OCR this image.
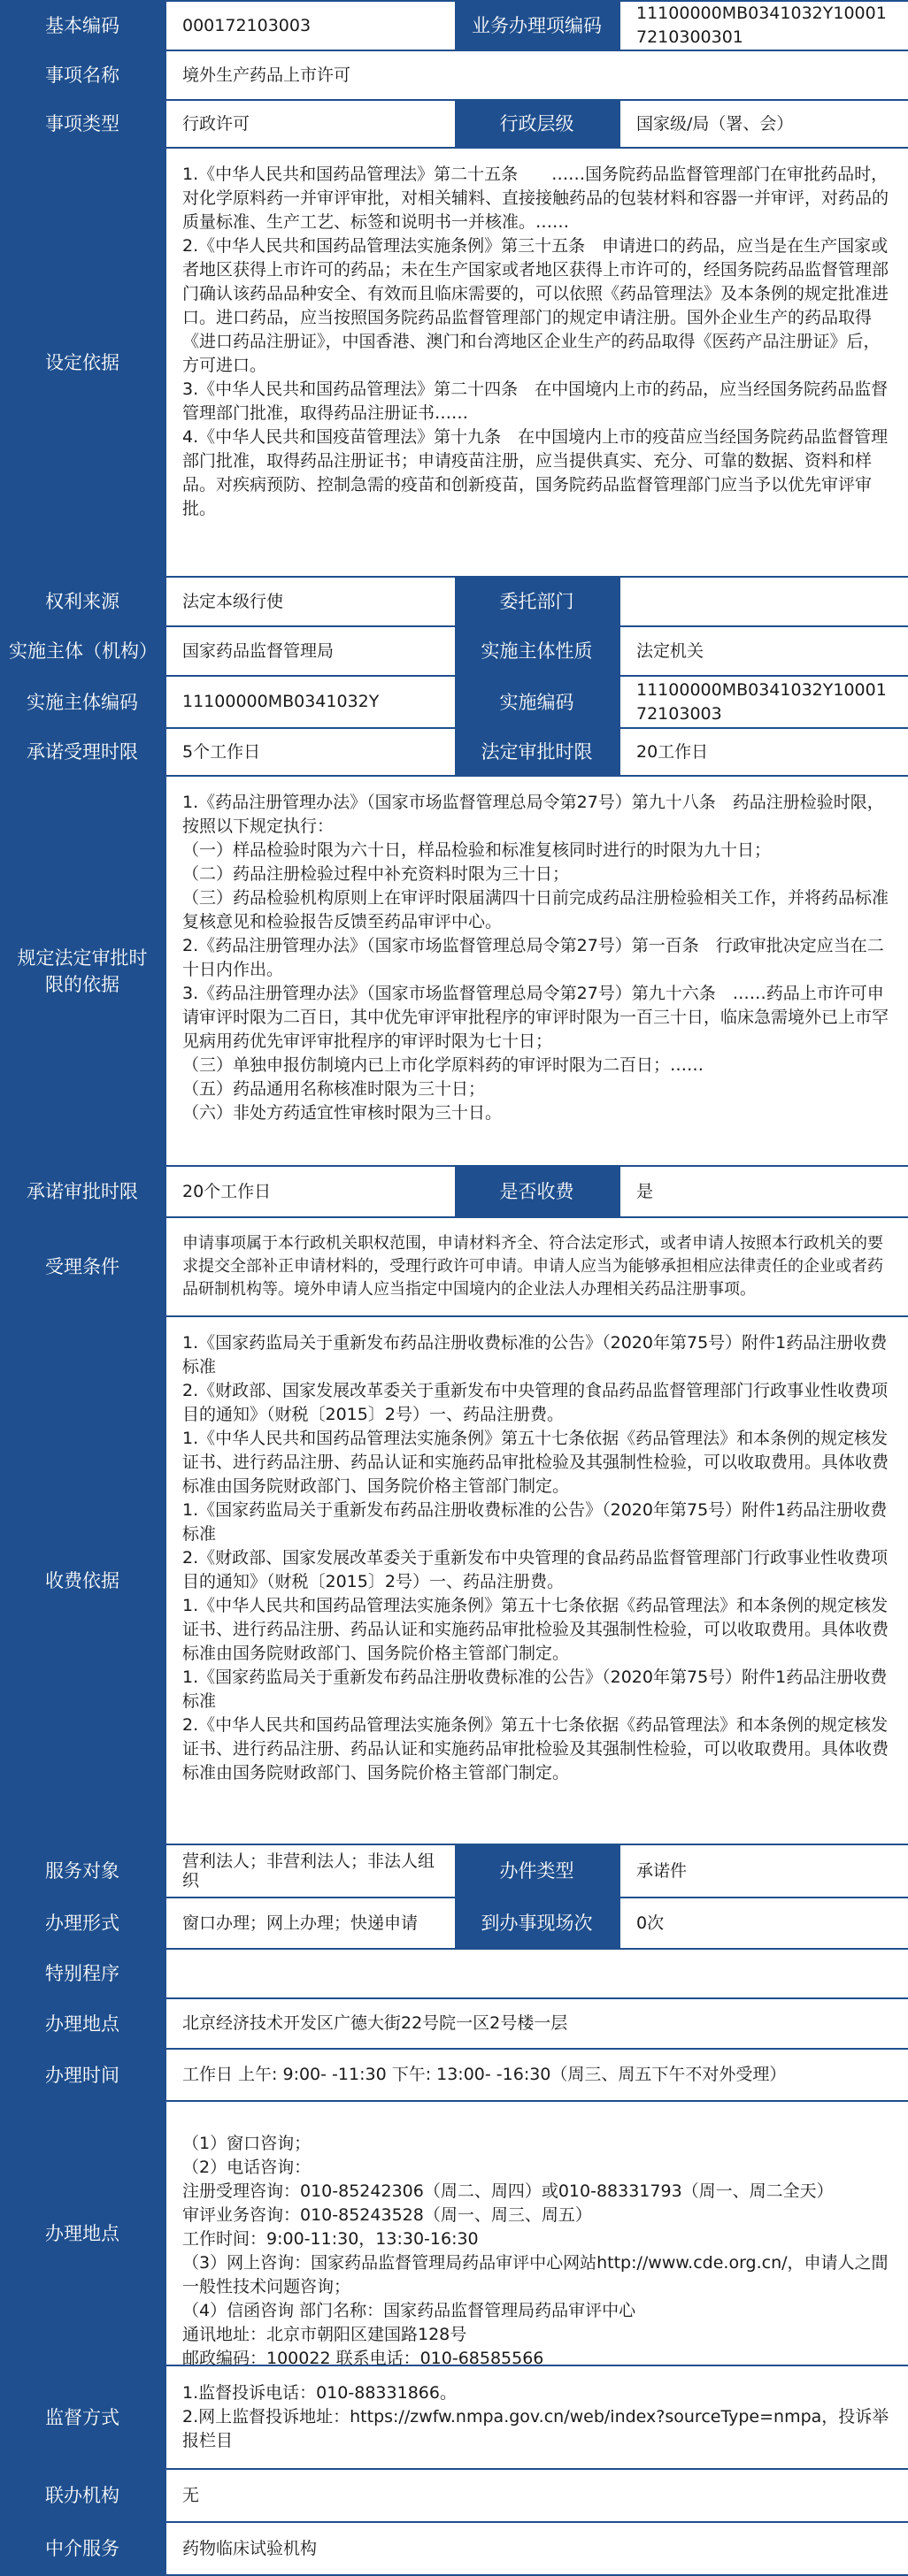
基本编码	000172103003	业务办理项编码
11100000MB0341032Y100017210300301
事项名称	境外生产药品上市许可
事项类型	行政许可	行政层级	国家级/局（署、会）
设定依据
1.《中华人民共和国药品管理法》第二十五条　　……国务院药品监督管理部门在审批药品时，对化学原料药一并审评审批，对相关辅料、直接接触药品的包装材料和容器一并审评，对药品的质量标准、生产工艺、标签和说明书一并核准。……
2.《中华人民共和国药品管理法实施条例》第三十五条　申请进口的药品，应当是在生产国家或者地区获得上市许可的药品；未在生产国家或者地区获得上市许可的，经国务院药品监督管理部门确认该药品品种安全、有效而且临床需要的，可以依照《药品管理法》及本条例的规定批准进口。进口药品，应当按照国务院药品监督管理部门的规定申请注册。国外企业生产的药品取得《进口药品注册证》，中国香港、澳门和台湾地区企业生产的药品取得《医药产品注册证》后，方可进口。
3.《中华人民共和国药品管理法》第二十四条　在中国境内上市的药品，应当经国务院药品监督管理部门批准，取得药品注册证书……
4.《中华人民共和国疫苗管理法》第十九条　在中国境内上市的疫苗应当经国务院药品监督管理部门批准，取得药品注册证书；申请疫苗注册，应当提供真实、充分、可靠的数据、资料和样品。对疾病预防、控制急需的疫苗和创新疫苗，国务院药品监督管理部门应当予以优先审评审批。
权利来源	法定本级行使	委托部门
实施主体（机构）	国家药品监督管理局	实施主体性质	法定机关
实施主体编码	11100000MB0341032Y	实施编码
11100000MB0341032Y1000172103003
承诺受理时限	5个工作日	法定审批时限	20工作日
规定法定审批时限的依据
1.《药品注册管理办法》（国家市场监督管理总局令第27号）第九十八条　药品注册检验时限，按照以下规定执行：
（一）样品检验时限为六十日，样品检验和标准复核同时进行的时限为九十日；
（二）药品注册检验过程中补充资料时限为三十日；
（三）药品检验机构原则上在审评时限届满四十日前完成药品注册检验相关工作，并将药品标准复核意见和检验报告反馈至药品审评中心。
2.《药品注册管理办法》（国家市场监督管理总局令第27号）第一百条　行政审批决定应当在二十日内作出。
3.《药品注册管理办法》（国家市场监督管理总局令第27号）第九十六条　……药品上市许可申请审评时限为二百日，其中优先审评审批程序的审评时限为一百三十日，临床急需境外已上市罕见病用药优先审评审批程序的审评时限为七十日；
（三）单独申报仿制境内已上市化学原料药的审评时限为二百日；……
（五）药品通用名称核准时限为三十日；
（六）非处方药适宜性审核时限为三十日。
承诺审批时限	20个工作日	是否收费	是
受理条件
申请事项属于本行政机关职权范围，申请材料齐全、符合法定形式，或者申请人按照本行政机关的要求提交全部补正申请材料的，受理行政许可申请。申请人应当为能够承担相应法律责任的企业或者药品研制机构等。境外申请人应当指定中国境内的企业法人办理相关药品注册事项。
收费依据
1.《国家药监局关于重新发布药品注册收费标准的公告》（2020年第75号）附件1药品注册收费标准
2.《财政部、国家发展改革委关于重新发布中央管理的食品药品监督管理部门行政事业性收费项目的通知》（财税〔2015〕2号）一、药品注册费。
1.《中华人民共和国药品管理法实施条例》第五十七条依据《药品管理法》和本条例的规定核发证书、进行药品注册、药品认证和实施药品审批检验及其强制性检验，可以收取费用。具体收费标准由国务院财政部门、国务院价格主管部门制定。
1.《国家药监局关于重新发布药品注册收费标准的公告》（2020年第75号）附件1药品注册收费标准
2.《财政部、国家发展改革委关于重新发布中央管理的食品药品监督管理部门行政事业性收费项目的通知》（财税〔2015〕2号）一、药品注册费。
1.《中华人民共和国药品管理法实施条例》第五十七条依据《药品管理法》和本条例的规定核发证书、进行药品注册、药品认证和实施药品审批检验及其强制性检验，可以收取费用。具体收费标准由国务院财政部门、国务院价格主管部门制定。
1.《国家药监局关于重新发布药品注册收费标准的公告》（2020年第75号）附件1药品注册收费标准
2.《中华人民共和国药品管理法实施条例》第五十七条依据《药品管理法》和本条例的规定核发证书、进行药品注册、药品认证和实施药品审批检验及其强制性检验，可以收取费用。具体收费标准由国务院财政部门、国务院价格主管部门制定。
服务对象	营利法人；非营利法人；非法人组织	办件类型	承诺件
办理形式	窗口办理；网上办理；快递申请	到办事现场次	0次
特别程序
办理地点	北京经济技术开发区广德大街22号院一区2号楼一层
办理时间	工作日 上午: 9:00- -11:30 下午: 13:00- -16:30（周三、周五下午不对外受理）
办理地点
（1）窗口咨询；
（2）电话咨询：
注册受理咨询：010-85242306（周二、周四）或010-88331793（周一、周二全天）
审评业务咨询：010-85243528（周一、周三、周五）
工作时间：9:00-11:30，13:30-16:30
（3）网上咨询：国家药品监督管理局药品审评中心网站http://www.cde.org.cn/，申请人之間一般性技术问题咨询；
（4）信函咨询 部门名称：国家药品监督管理局药品审评中心
通讯地址：北京市朝阳区建国路128号
邮政编码：100022 联系电话：010-68585566
监督方式
1.监督投诉电话：010-88331866。
2.网上监督投诉地址：https://zwfw.nmpa.gov.cn/web/index?sourceType=nmpa，投诉举报栏目
联办机构	无
中介服务	药物临床试验机构
